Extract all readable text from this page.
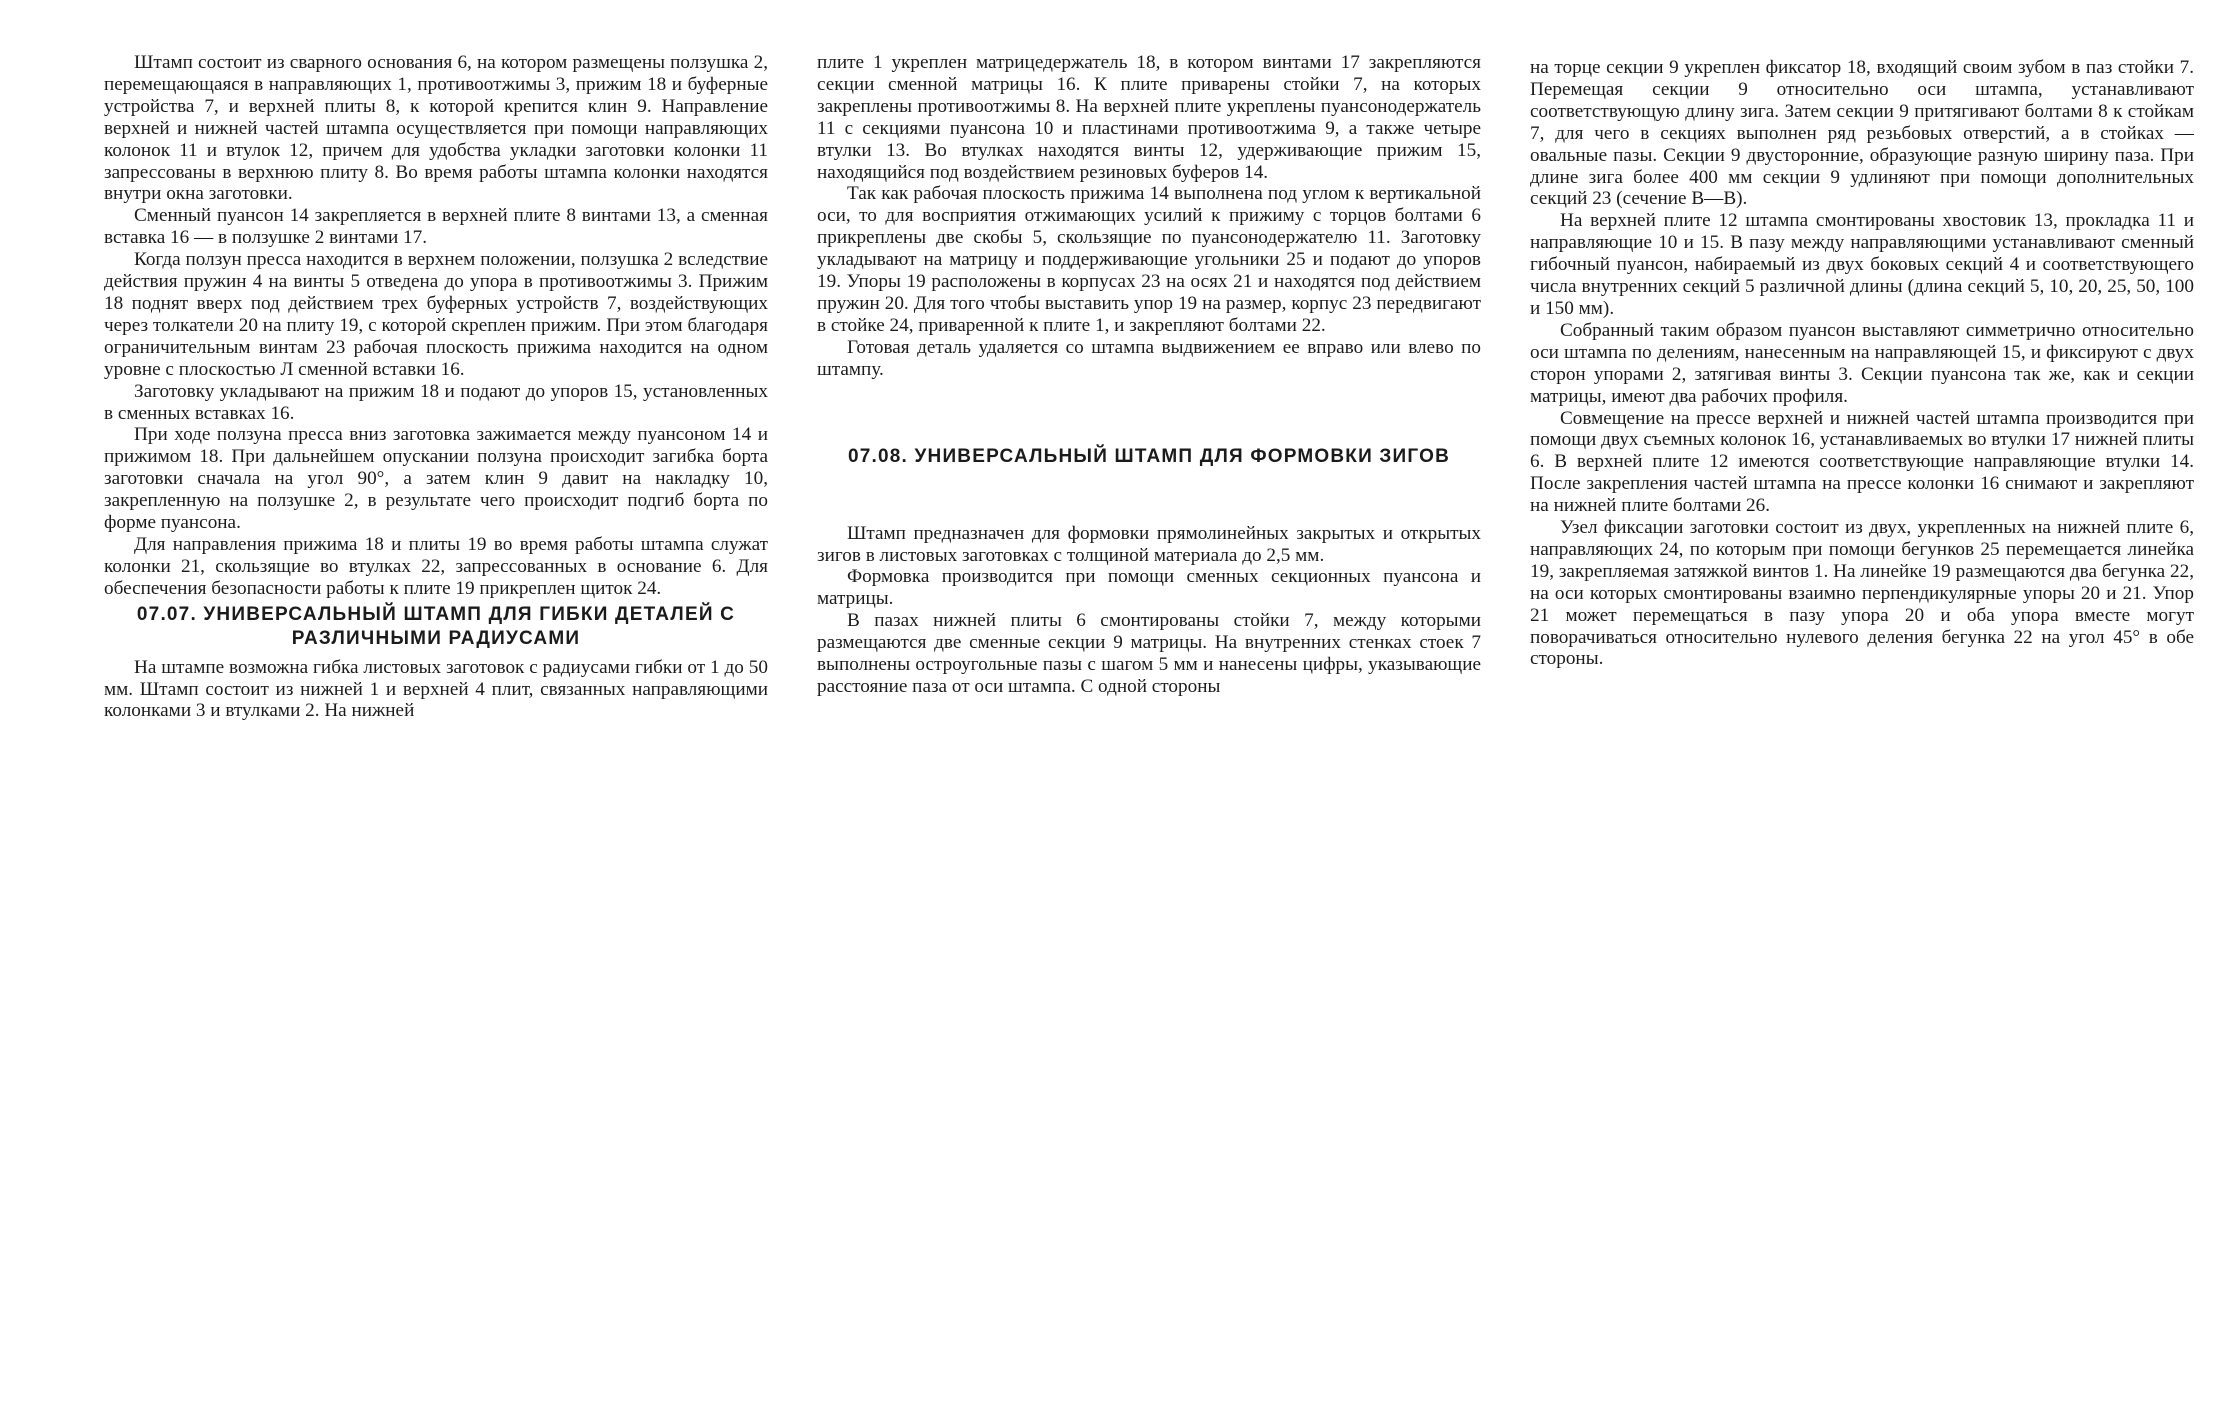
Штамп состоит из сварного основания 6, на котором размещены ползушка 2, перемещающаяся в направляющих 1, противоотжимы 3, прижим 18 и буферные устройства 7, и верхней плиты 8, к которой крепится клин 9. Направление верхней и нижней частей штампа осуществляется при помощи направляющих колонок 11 и втулок 12, причем для удобства укладки заготовки колонки 11 запрессованы в верхнюю плиту 8. Во время работы штампа колонки находятся внутри окна заготовки.

Сменный пуансон 14 закрепляется в верхней плите 8 винтами 13, а сменная вставка 16 — в ползушке 2 винтами 17.

Когда ползун пресса находится в верхнем положении, ползушка 2 вследствие действия пружин 4 на винты 5 отведена до упора в противоотжимы 3. Прижим 18 поднят вверх под действием трех буферных устройств 7, воздействующих через толкатели 20 на плиту 19, с которой скреплен прижим. При этом благодаря ограничительным винтам 23 рабочая плоскость прижима находится на одном уровне с плоскостью Л сменной вставки 16.

Заготовку укладывают на прижим 18 и подают до упоров 15, установленных в сменных вставках 16.

При ходе ползуна пресса вниз заготовка зажимается между пуансоном 14 и прижимом 18. При дальнейшем опускании ползуна происходит загибка борта заготовки сначала на угол 90°, а затем клин 9 давит на накладку 10, закрепленную на ползушке 2, в результате чего происходит подгиб борта по форме пуансона.

Для направления прижима 18 и плиты 19 во время работы штампа служат колонки 21, скользящие во втулках 22, запрессованных в основание 6. Для обеспечения безопасности работы к плите 19 прикреплен щиток 24.

07.07. УНИВЕРСАЛЬНЫЙ ШТАМП ДЛЯ ГИБКИ ДЕТАЛЕЙ С РАЗЛИЧНЫМИ РАДИУСАМИ

На штампе возможна гибка листовых заготовок с радиусами гибки от 1 до 50 мм. Штамп состоит из нижней 1 и верхней 4 плит, связанных направляющими колонками 3 и втулками 2. На нижней

плите 1 укреплен матрицедержатель 18, в котором винтами 17 закрепляются секции сменной матрицы 16. К плите приварены стойки 7, на которых закреплены противоотжимы 8. На верхней плите укреплены пуансонодержатель 11 с секциями пуансона 10 и пластинами противоотжима 9, а также четыре втулки 13. Во втулках находятся винты 12, удерживающие прижим 15, находящийся под воздействием резиновых буферов 14.

Так как рабочая плоскость прижима 14 выполнена под углом к вертикальной оси, то для восприятия отжимающих усилий к прижиму с торцов болтами 6 прикреплены две скобы 5, скользящие по пуансонодержателю 11. Заготовку укладывают на матрицу и поддерживающие угольники 25 и подают до упоров 19. Упоры 19 расположены в корпусах 23 на осях 21 и находятся под действием пружин 20. Для того чтобы выставить упор 19 на размер, корпус 23 передвигают в стойке 24, приваренной к плите 1, и закрепляют болтами 22.

Готовая деталь удаляется со штампа выдвижением ее вправо или влево по штампу.

07.08. УНИВЕРСАЛЬНЫЙ ШТАМП ДЛЯ ФОРМОВКИ ЗИГОВ

Штамп предназначен для формовки прямолинейных закрытых и открытых зигов в листовых заготовках с толщиной материала до 2,5 мм.

Формовка производится при помощи сменных секционных пуансона и матрицы.

В пазах нижней плиты 6 смонтированы стойки 7, между которыми размещаются две сменные секции 9 матрицы. На внутренних стенках стоек 7 выполнены остроугольные пазы с шагом 5 мм и нанесены цифры, указывающие расстояние паза от оси штампа. С одной стороны

на торце секции 9 укреплен фиксатор 18, входящий своим зубом в паз стойки 7. Перемещая секции 9 относительно оси штампа, устанавливают соответствующую длину зига. Затем секции 9 притягивают болтами 8 к стойкам 7, для чего в секциях выполнен ряд резьбовых отверстий, а в стойках — овальные пазы. Секции 9 двусторонние, образующие разную ширину паза. При длине зига более 400 мм секции 9 удлиняют при помощи дополнительных секций 23 (сечение В—В).

На верхней плите 12 штампа смонтированы хвостовик 13, прокладка 11 и направляющие 10 и 15. В пазу между направляющими устанавливают сменный гибочный пуансон, набираемый из двух боковых секций 4 и соответствующего числа внутренних секций 5 различной длины (длина секций 5, 10, 20, 25, 50, 100 и 150 мм).

Собранный таким образом пуансон выставляют симметрично относительно оси штампа по делениям, нанесенным на направляющей 15, и фиксируют с двух сторон упорами 2, затягивая винты 3. Секции пуансона так же, как и секции матрицы, имеют два рабочих профиля.

Совмещение на прессе верхней и нижней частей штампа производится при помощи двух съемных колонок 16, устанавливаемых во втулки 17 нижней плиты 6. В верхней плите 12 имеются соответствующие направляющие втулки 14. После закрепления частей штампа на прессе колонки 16 снимают и закрепляют на нижней плите болтами 26.

Узел фиксации заготовки состоит из двух, укрепленных на нижней плите 6, направляющих 24, по которым при помощи бегунков 25 перемещается линейка 19, закрепляемая затяжкой винтов 1. На линейке 19 размещаются два бегунка 22, на оси которых смонтированы взаимно перпендикулярные упоры 20 и 21. Упор 21 может перемещаться в пазу упора 20 и оба упора вместе могут поворачиваться относительно нулевого деления бегунка 22 на угол 45° в обе стороны.
